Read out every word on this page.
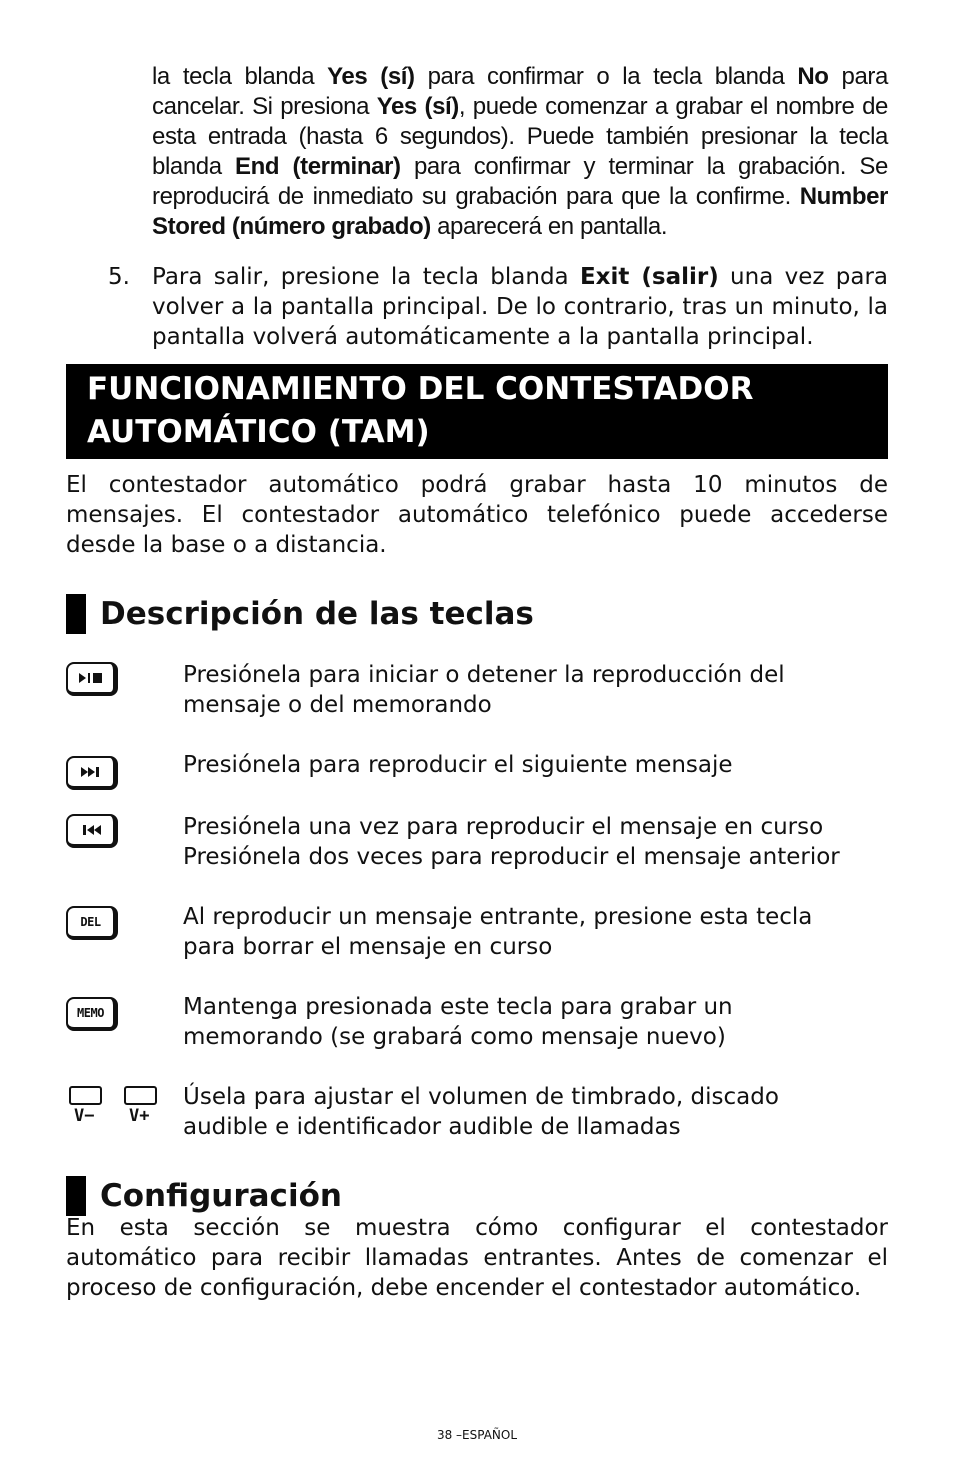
la tecla blanda Yes (sí) para confirmar o la tecla blanda No para cancelar. Si presiona Yes (sí), puede comenzar a grabar el nombre de esta entrada (hasta 6 segundos). Puede también presionar la tecla blanda End (terminar) para confirmar y terminar la grabación. Se reproducirá de inmediato su grabación para que la confirme. Number Stored (número grabado) aparecerá en pantalla.

5. Para salir, presione la tecla blanda Exit (salir) una vez para volver a la pantalla principal. De lo contrario, tras un minuto, la pantalla volverá automáticamente a la pantalla principal.
FUNCIONAMIENTO DEL CONTESTADOR
AUTOMÁTICO (TAM)

El contestador automático podrá grabar hasta 10 minutos de mensajes. El contestador automático telefónico puede accederse desde la base o a distancia.

Descripción de las teclas
Presiónela para iniciar o detener la reproducción del
mensaje o del memorando
Presiónela para reproducir el siguiente mensaje
Presiónela una vez para reproducir el mensaje en curso
Presiónela dos veces para reproducir el mensaje anterior
DEL	Al reproducir un mensaje entrante, presione esta tecla
para borrar el mensaje en curso
MEMO	Mantenga presionada este tecla para grabar un
memorando (se grabará como mensaje nuevo)
V− V+
Úsela para ajustar el volumen de timbrado, discado
audible e identificador audible de llamadas
Configuración

En esta sección se muestra cómo configurar el contestador automático para recibir llamadas entrantes. Antes de comenzar el proceso de configuración, debe encender el contestador automático.

38 –ESPAÑOL
